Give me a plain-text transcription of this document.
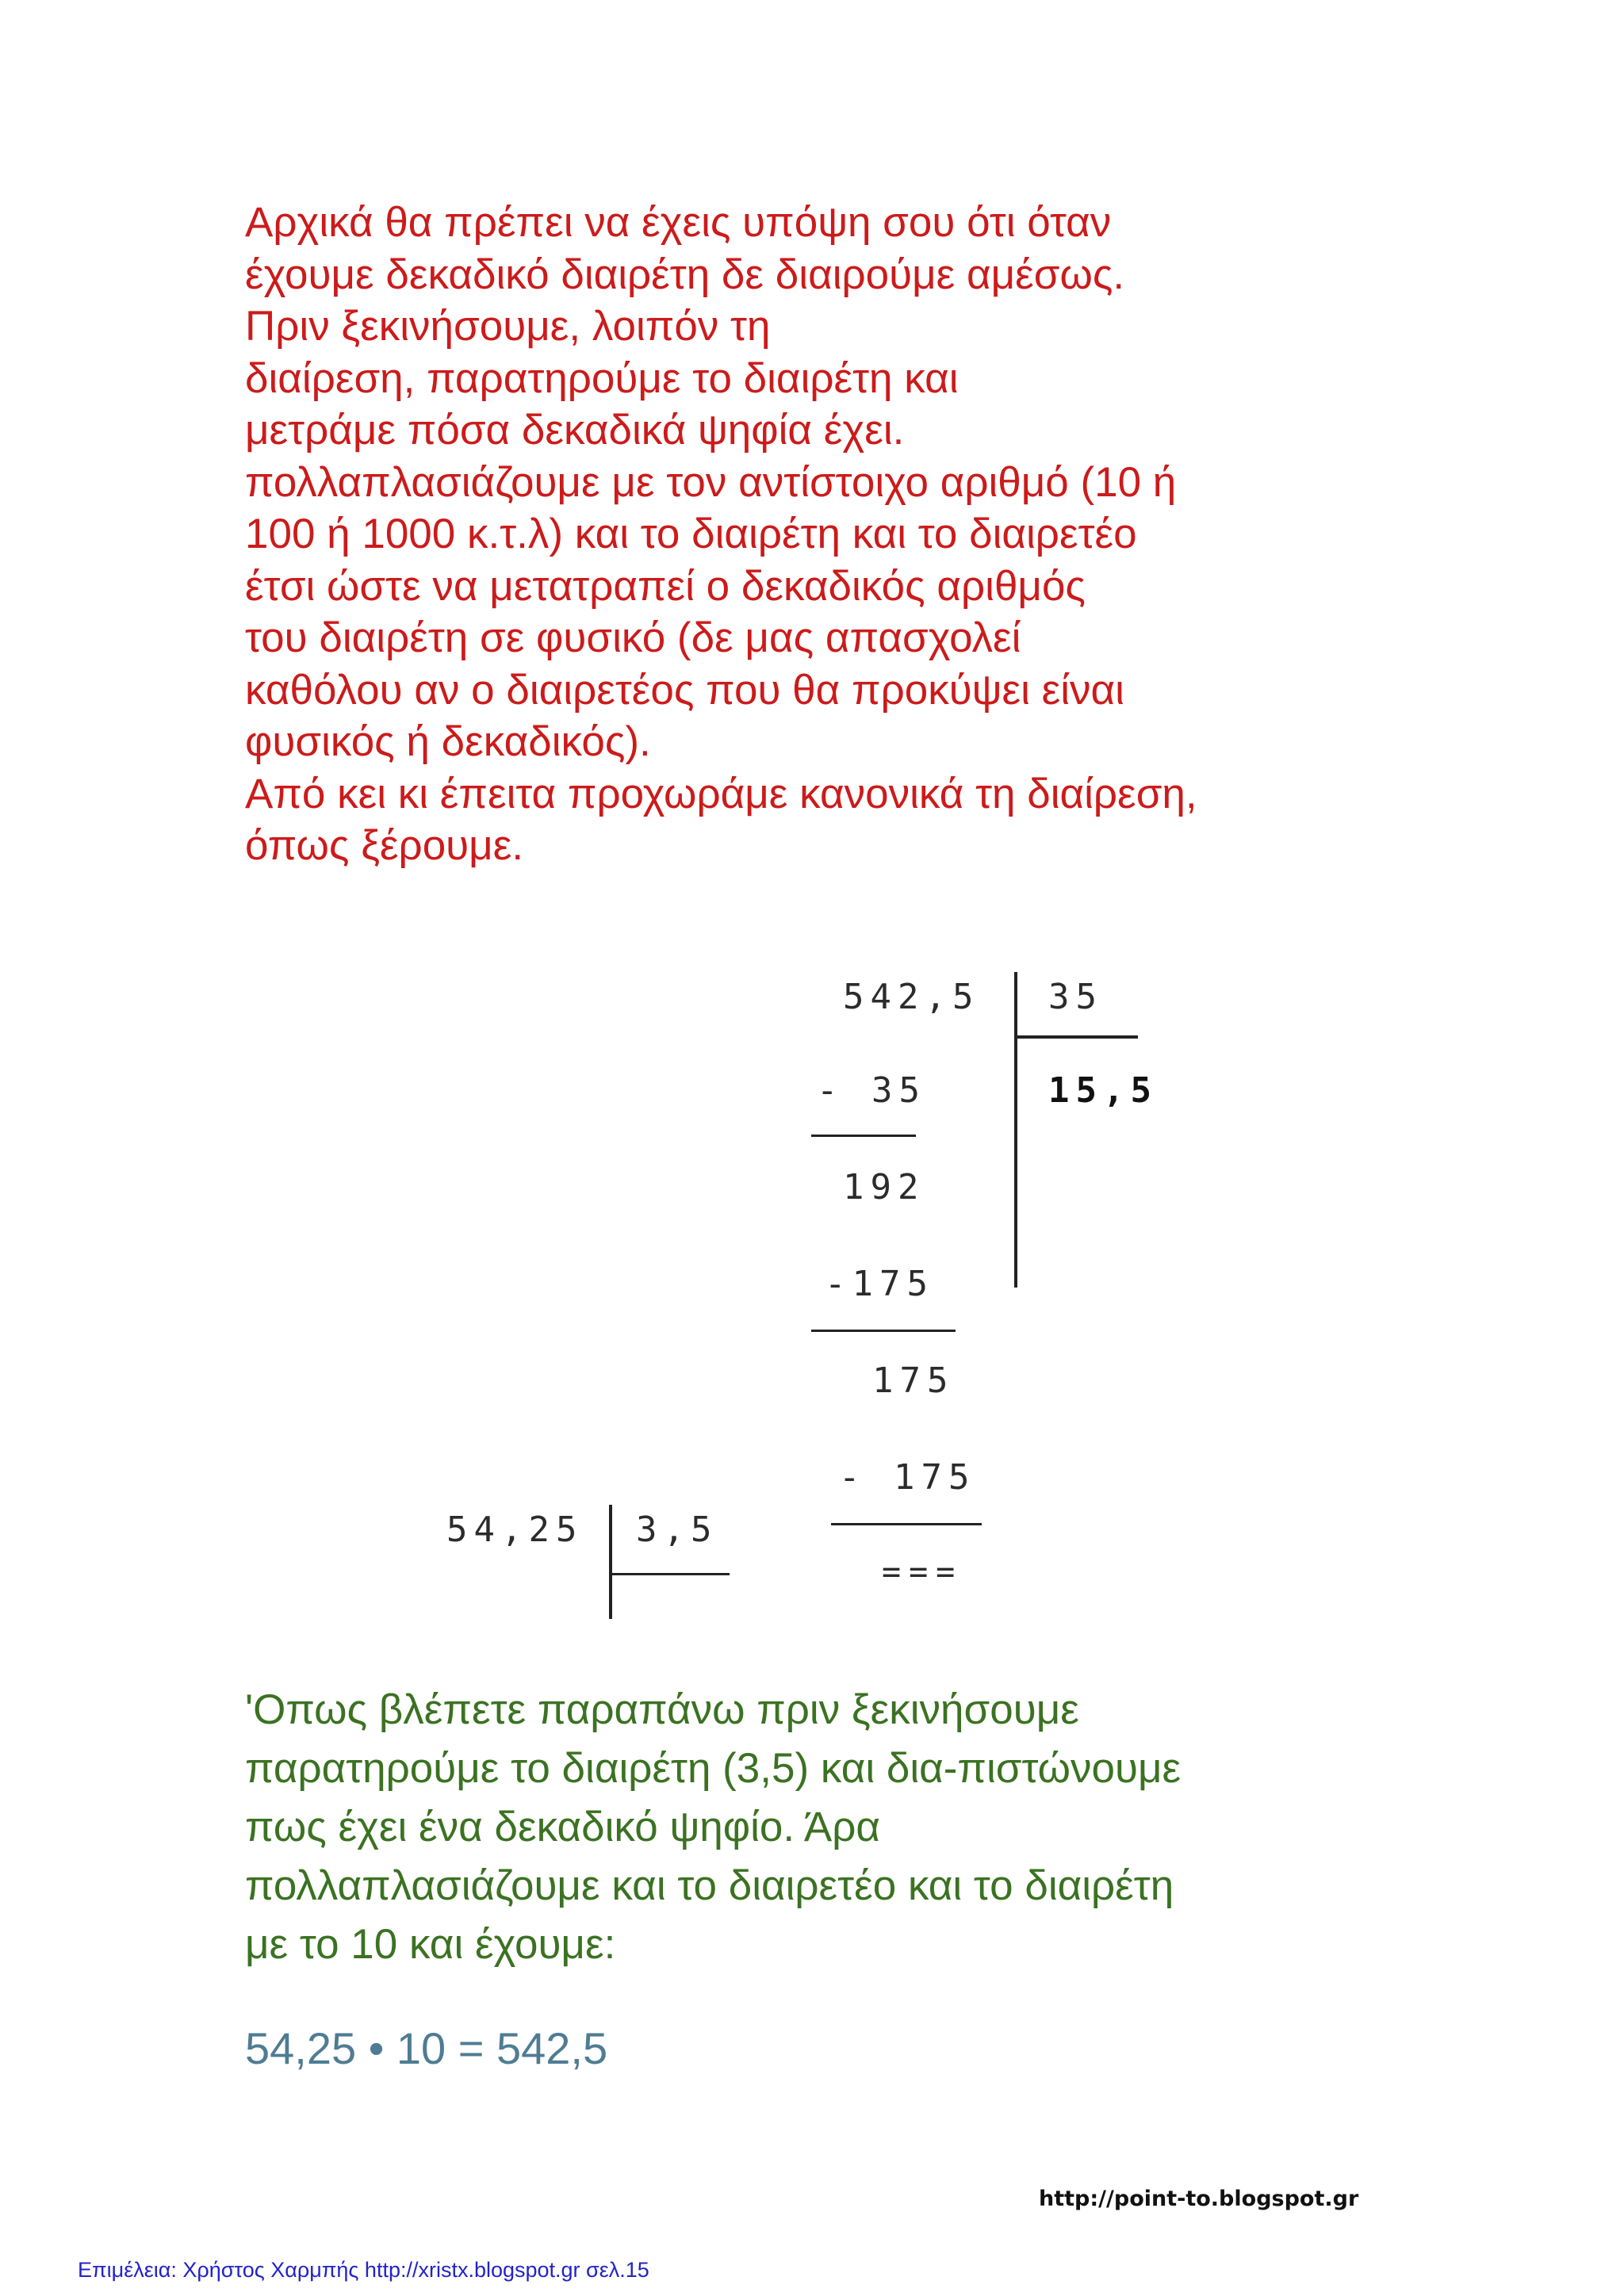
Αρχικά θα πρέπει να έχεις υπόψη σου ότι όταν
έχουμε δεκαδικό διαιρέτη δε διαιρούμε αμέσως.
Πριν ξεκινήσουμε, λοιπόν τη
διαίρεση, παρατηρούμε το διαιρέτη και
μετράμε πόσα δεκαδικά ψηφία έχει.
πολλαπλασιάζουμε με τον αντίστοιχο αριθμό (10 ή
100 ή 1000 κ.τ.λ) και το διαιρέτη και το διαιρετέο
έτσι ώστε να μετατραπεί ο δεκαδικός αριθμός
του διαιρέτη σε φυσικό (δε μας απασχολεί
καθόλου αν ο διαιρετέος που θα προκύψει είναι
φυσικός ή δεκαδικός).
Από κει κι έπειτα προχωράμε κανονικά τη διαίρεση,
όπως ξέρουμε.
542,5 35
15,5
- 35
192
-175
175
- 175
===
54,25 3,5
'Οπως βλέπετε παραπάνω πριν ξεκινήσουμε
παρατηρούμε το διαιρέτη (3,5) και δια-πιστώνουμε
πως έχει ένα δεκαδικό ψηφίο. Άρα
πολλαπλασιάζουμε και το διαιρετέο και το διαιρέτη
με το 10 και έχουμε:
54,25 • 10 = 542,5
http://point-to.blogspot.gr
Επιμέλεια: Χρήστος Χαρμπής http://xristx.blogspot.gr σελ.15
